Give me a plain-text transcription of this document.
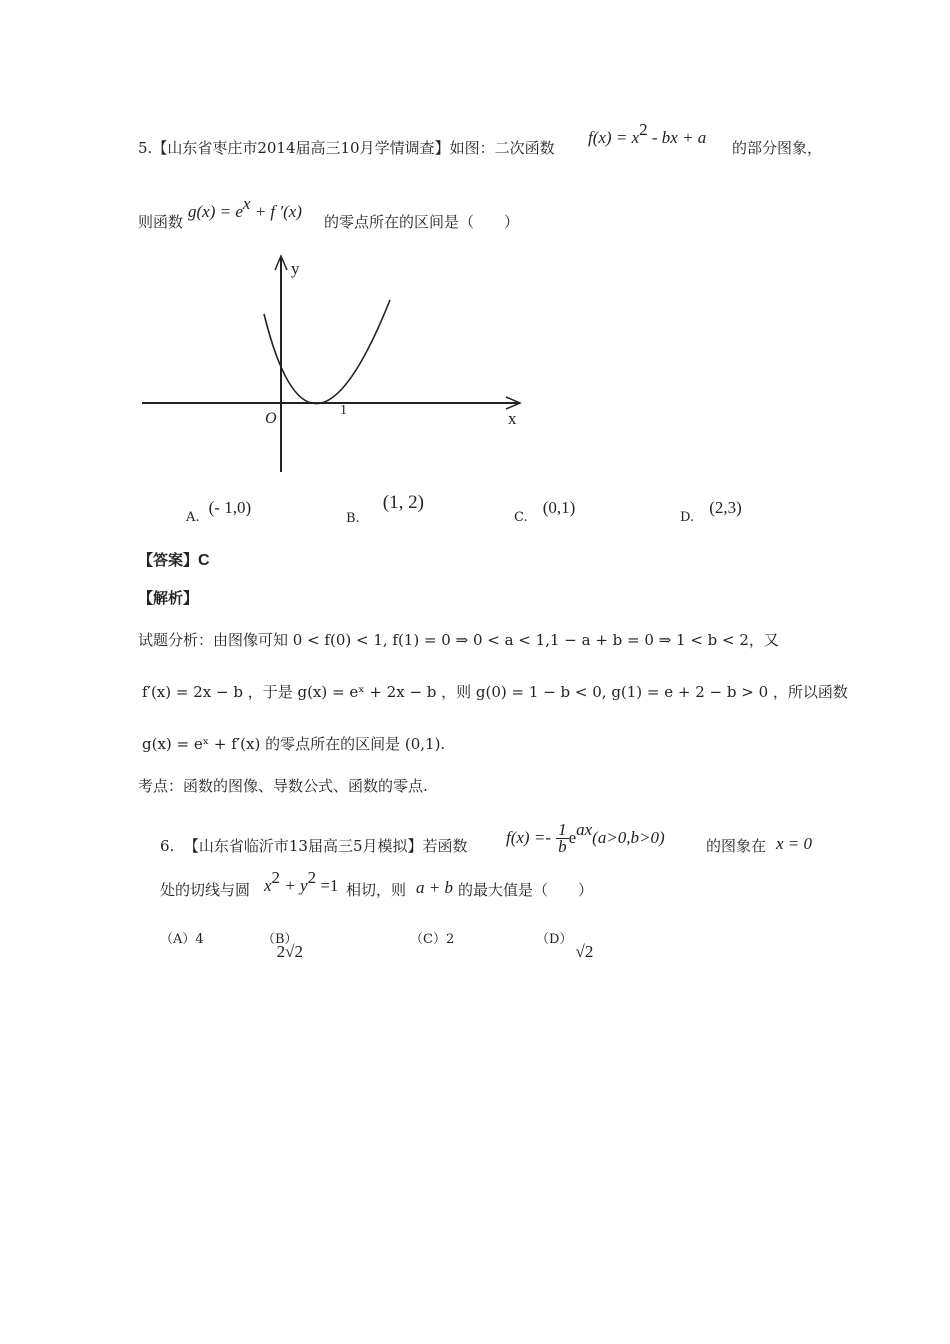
5.【山东省枣庄市2014届高三10月学情调查】如图：二次函数
$f(x) = x^2$ - bx + a
的部分图象，
则函数
$g(x) = e^x + f$ ′(x)
的零点所在的区间是（　　）
y
x
O	1
$_{A.}$ (- 1,0)
$_{B.}$ (1, 2)
$_{C.}$ (0,1)
$_{D.}$ (2,3)
【答案】C
【解析】
试题分析：由图像可知 0 < f(0) < 1, f(1) = 0 ⇒ 0 < a < 1,1 − a + b = 0 ⇒ 1 < b < 2，又
f′(x) = 2x − b ，于是 g(x) = eˣ + 2x − b ，则 g(0) = 1 − b < 0, g(1) = e + 2 − b > 0 ，所以函数
g(x) = eˣ + f′(x) 的零点所在的区间是 (0,1).
考点：函数的图像、导数公式、函数的零点.
6. 【山东省临沂市13届高三5月模拟】若函数 $f(x) =- \frac{1}{b} e^{ax}(a>0,b>0)$	的图象在 x = 0
处的切线与圆 $x^2 + y^2 =1$ 相切，则 a + b 的最大值是（　　）
（A）4	（B） 2√2
（C）2	（D） √2
